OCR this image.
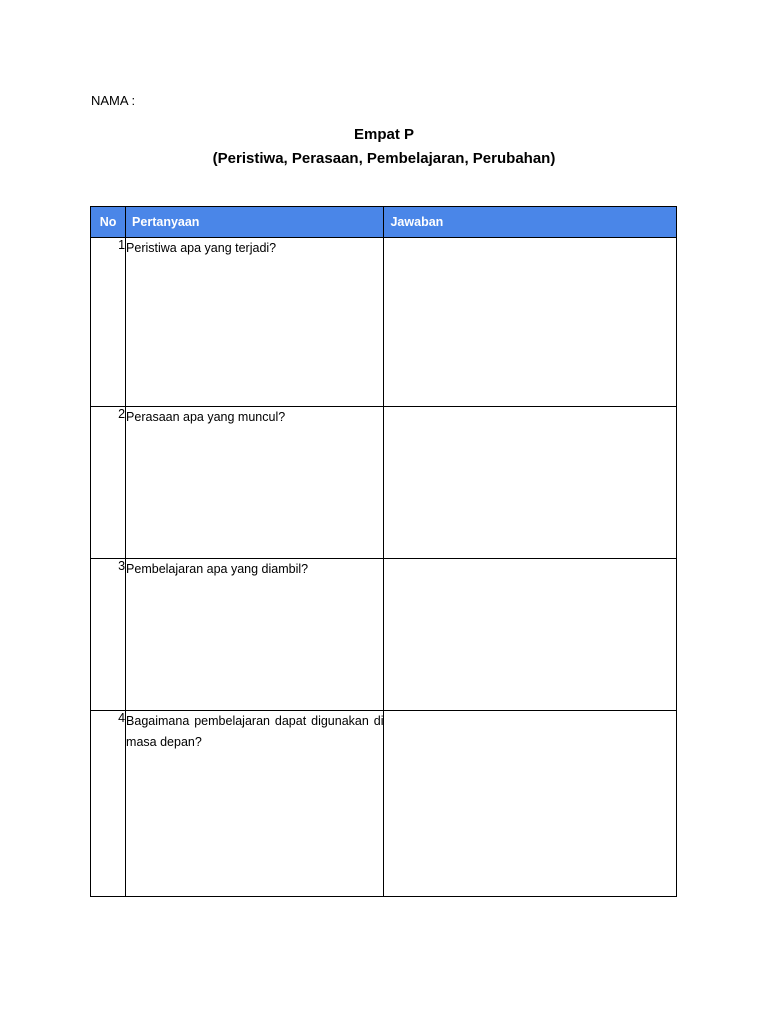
NAMA :
Empat P
(Peristiwa, Perasaan, Pembelajaran, Perubahan)
No	Pertanyaan	Jawaban
1	Peristiwa apa yang terjadi?	
2	Perasaan apa yang muncul?	
3	Pembelajaran apa yang diambil?	
4	Bagaimana pembelajaran dapat digunakan di masa depan?	
